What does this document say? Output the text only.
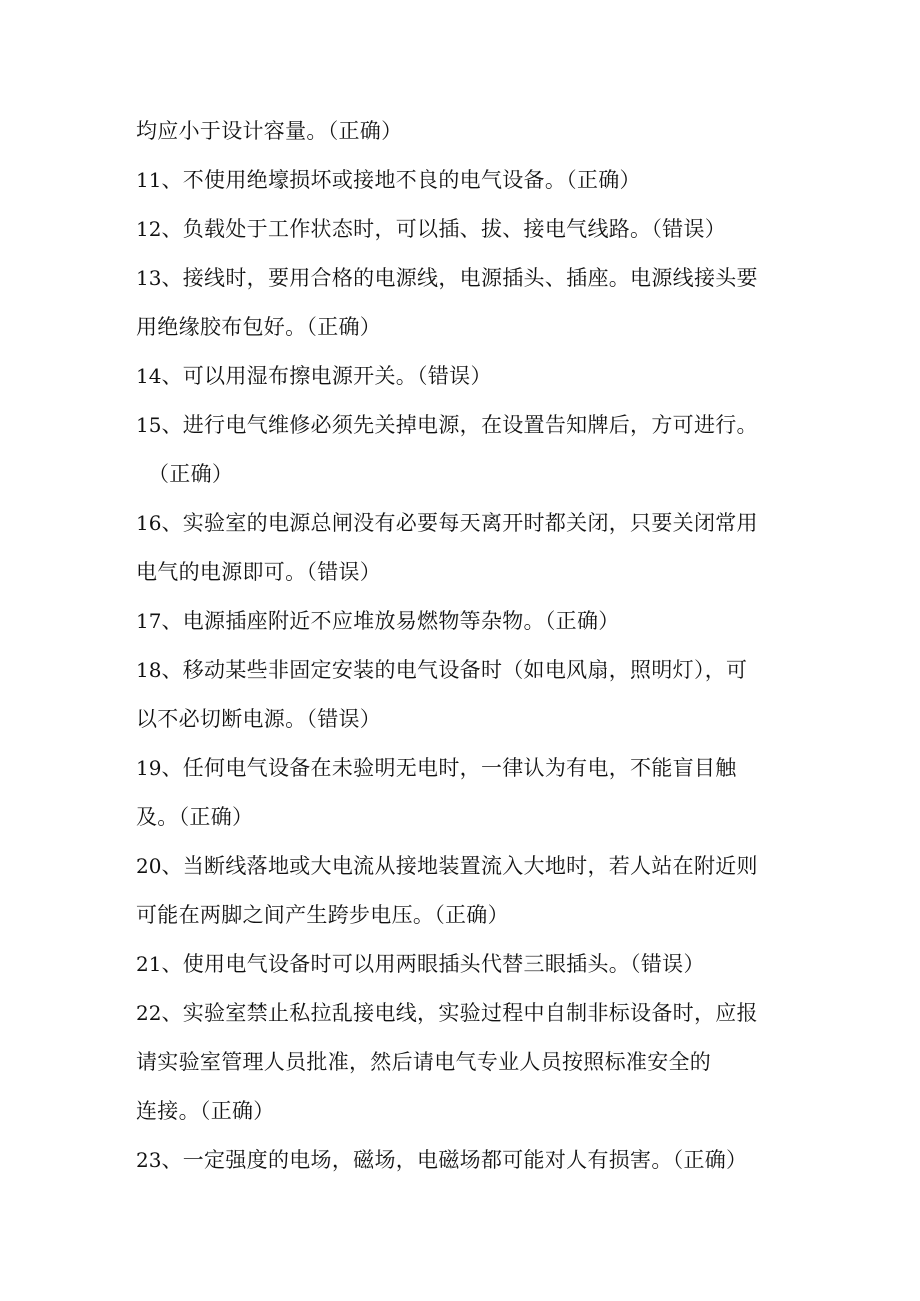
均应小于设计容量。（正确）
11、不使用绝壕损坏或接地不良的电气设备。（正确）
12、负载处于工作状态时，可以插、拔、接电气线路。（错误）
13、接线时，要用合格的电源线，电源插头、插座。电源线接头要
用绝缘胶布包好。（正确）
14、可以用湿布擦电源开关。（错误）
15、进行电气维修必须先关掉电源，在设置告知牌后，方可进行。
（正确）
16、实验室的电源总闸没有必要每天离开时都关闭，只要关闭常用
电气的电源即可。（错误）
17、电源插座附近不应堆放易燃物等杂物。（正确）
18、移动某些非固定安装的电气设备时（如电风扇，照明灯），可
以不必切断电源。（错误）
19、任何电气设备在未验明无电时，一律认为有电，不能盲目触
及。（正确）
20、当断线落地或大电流从接地装置流入大地时，若人站在附近则
可能在两脚之间产生跨步电压。（正确）
21、使用电气设备时可以用两眼插头代替三眼插头。（错误）
22、实验室禁止私拉乱接电线，实验过程中自制非标设备时，应报
请实验室管理人员批准，然后请电气专业人员按照标准安全的
连接。（正确）
23、一定强度的电场，磁场，电磁场都可能对人有损害。（正确）
